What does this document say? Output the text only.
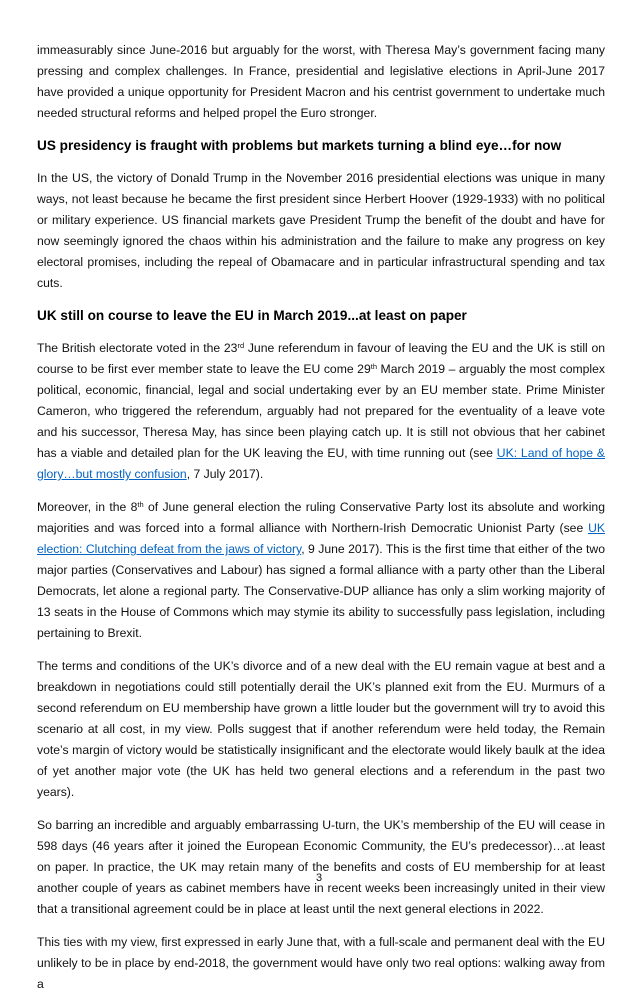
immeasurably since June-2016 but arguably for the worst, with Theresa May’s government facing many pressing and complex challenges. In France, presidential and legislative elections in April-June 2017 have provided a unique opportunity for President Macron and his centrist government to undertake much needed structural reforms and helped propel the Euro stronger.

US presidency is fraught with problems but markets turning a blind eye…for now

In the US, the victory of Donald Trump in the November 2016 presidential elections was unique in many ways, not least because he became the first president since Herbert Hoover (1929-1933) with no political or military experience. US financial markets gave President Trump the benefit of the doubt and have for now seemingly ignored the chaos within his administration and the failure to make any progress on key electoral promises, including the repeal of Obamacare and in particular infrastructural spending and tax cuts.

UK still on course to leave the EU in March 2019...at least on paper

The British electorate voted in the 23rd June referendum in favour of leaving the EU and the UK is still on course to be first ever member state to leave the EU come 29th March 2019 – arguably the most complex political, economic, financial, legal and social undertaking ever by an EU member state. Prime Minister Cameron, who triggered the referendum, arguably had not prepared for the eventuality of a leave vote and his successor, Theresa May, has since been playing catch up. It is still not obvious that her cabinet has a viable and detailed plan for the UK leaving the EU, with time running out (see UK: Land of hope & glory…but mostly confusion, 7 July 2017).

Moreover, in the 8th of June general election the ruling Conservative Party lost its absolute and working majorities and was forced into a formal alliance with Northern-Irish Democratic Unionist Party (see UK election: Clutching defeat from the jaws of victory, 9 June 2017). This is the first time that either of the two major parties (Conservatives and Labour) has signed a formal alliance with a party other than the Liberal Democrats, let alone a regional party. The Conservative-DUP alliance has only a slim working majority of 13 seats in the House of Commons which may stymie its ability to successfully pass legislation, including pertaining to Brexit.

The terms and conditions of the UK’s divorce and of a new deal with the EU remain vague at best and a breakdown in negotiations could still potentially derail the UK’s planned exit from the EU. Murmurs of a second referendum on EU membership have grown a little louder but the government will try to avoid this scenario at all cost, in my view. Polls suggest that if another referendum were held today, the Remain vote’s margin of victory would be statistically insignificant and the electorate would likely baulk at the idea of yet another major vote (the UK has held two general elections and a referendum in the past two years).

So barring an incredible and arguably embarrassing U-turn, the UK’s membership of the EU will cease in 598 days (46 years after it joined the European Economic Community, the EU’s predecessor)…at least on paper. In practice, the UK may retain many of the benefits and costs of EU membership for at least another couple of years as cabinet members have in recent weeks been increasingly united in their view that a transitional agreement could be in place at least until the next general elections in 2022.

This ties with my view, first expressed in early June that, with a full-scale and permanent deal with the EU unlikely to be in place by end-2018, the government would have only two real options: walking away from a

3
